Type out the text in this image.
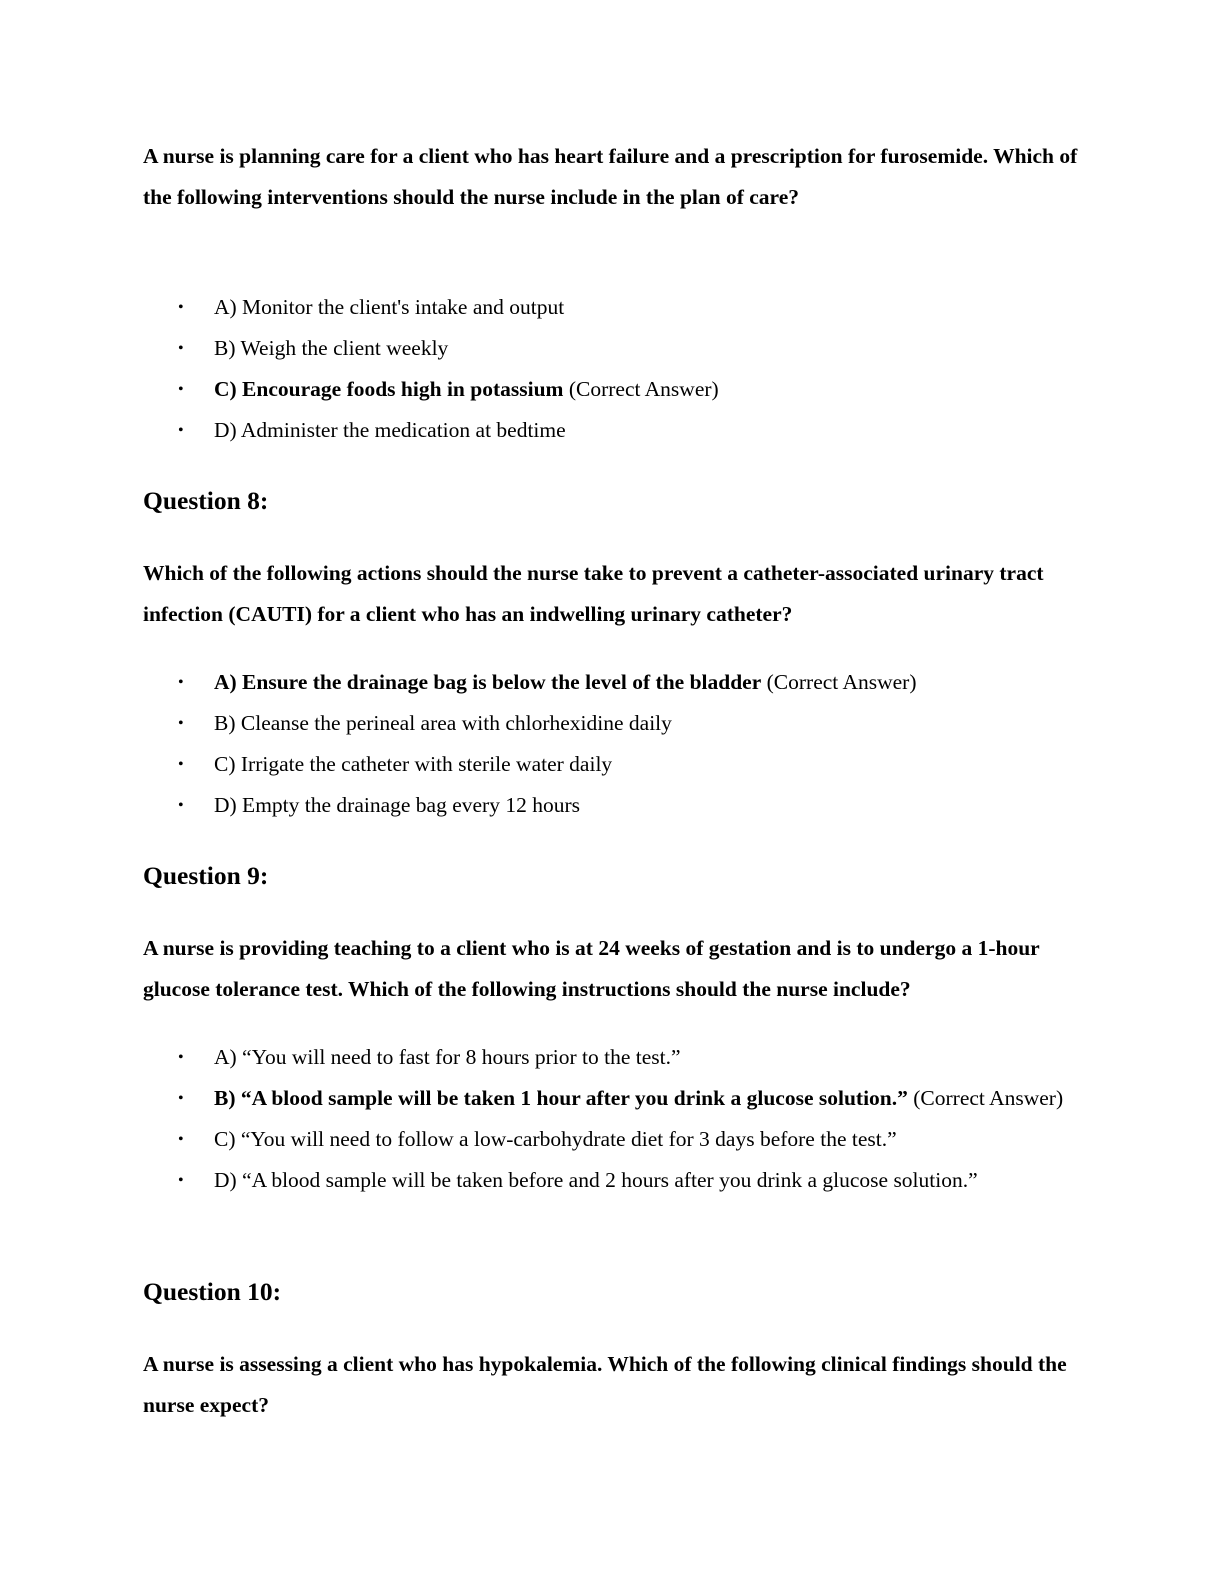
A nurse is planning care for a client who has heart failure and a prescription for furosemide. Which of the following interventions should the nurse include in the plan of care?

• A) Monitor the client's intake and output
• B) Weigh the client weekly
• C) Encourage foods high in potassium (Correct Answer)
• D) Administer the medication at bedtime
Question 8:

Which of the following actions should the nurse take to prevent a catheter-associated urinary tract infection (CAUTI) for a client who has an indwelling urinary catheter?

• A) Ensure the drainage bag is below the level of the bladder (Correct Answer)
• B) Cleanse the perineal area with chlorhexidine daily
• C) Irrigate the catheter with sterile water daily
• D) Empty the drainage bag every 12 hours
Question 9:

A nurse is providing teaching to a client who is at 24 weeks of gestation and is to undergo a 1-hour glucose tolerance test. Which of the following instructions should the nurse include?

• A) “You will need to fast for 8 hours prior to the test.”
• B) “A blood sample will be taken 1 hour after you drink a glucose solution.” (Correct Answer)
• C) “You will need to follow a low-carbohydrate diet for 3 days before the test.”
• D) “A blood sample will be taken before and 2 hours after you drink a glucose solution.”
Question 10:

A nurse is assessing a client who has hypokalemia. Which of the following clinical findings should the nurse expect?
